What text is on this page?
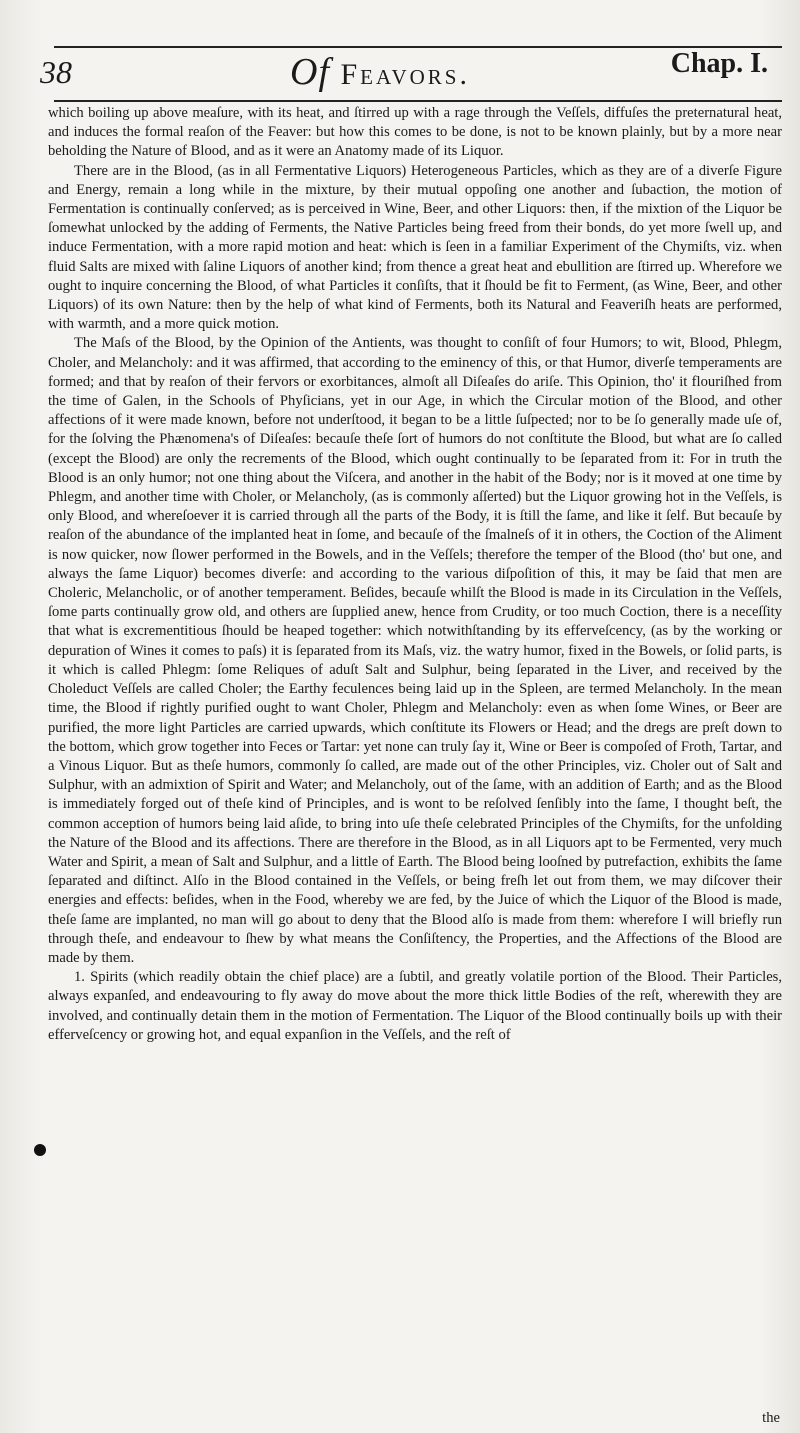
38	Of Feavors.	Chap. I.

which boiling up above meaſure, with its heat, and ſtirred up with a rage through the Veſſels, diffuſes the preternatural heat, and induces the formal reaſon of the Feaver: but how this comes to be done, is not to be known plainly, but by a more near beholding the Nature of Blood, and as it were an Anatomy made of its Liquor.

There are in the Blood, (as in all Fermentative Liquors) Heterogeneous Particles, which as they are of a diverſe Figure and Energy, remain a long while in the mixture, by their mutual oppoſing one another and ſubaction, the motion of Fermentation is continually conſerved; as is perceived in Wine, Beer, and other Liquors: then, if the mixtion of the Liquor be ſomewhat unlocked by the adding of Ferments, the Native Particles being freed from their bonds, do yet more ſwell up, and induce Fermentation, with a more rapid motion and heat: which is ſeen in a familiar Experiment of the Chymiſts, viz. when fluid Salts are mixed with ſaline Liquors of another kind; from thence a great heat and ebullition are ſtirred up. Wherefore we ought to inquire concerning the Blood, of what Particles it conſiſts, that it ſhould be fit to Ferment, (as Wine, Beer, and other Liquors) of its own Nature: then by the help of what kind of Ferments, both its Natural and Feaveriſh heats are performed, with warmth, and a more quick motion.

The Maſs of the Blood, by the Opinion of the Antients, was thought to conſiſt of four Humors; to wit, Blood, Phlegm, Choler, and Melancholy: and it was affirmed, that according to the eminency of this, or that Humor, diverſe temperaments are formed; and that by reaſon of their fervors or exorbitances, almoſt all Diſeaſes do ariſe. This Opinion, tho' it flouriſhed from the time of Galen, in the Schools of Phyſicians, yet in our Age, in which the Circular motion of the Blood, and other affections of it were made known, before not underſtood, it began to be a little ſuſpected; nor to be ſo generally made uſe of, for the ſolving the Phænomena's of Diſeaſes: becauſe theſe ſort of humors do not conſtitute the Blood, but what are ſo called (except the Blood) are only the recrements of the Blood, which ought continually to be ſeparated from it: For in truth the Blood is an only humor; not one thing about the Viſcera, and another in the habit of the Body; nor is it moved at one time by Phlegm, and another time with Choler, or Melancholy, (as is commonly aſſerted) but the Liquor growing hot in the Veſſels, is only Blood, and whereſoever it is carried through all the parts of the Body, it is ſtill the ſame, and like it ſelf. But becauſe by reaſon of the abundance of the implanted heat in ſome, and becauſe of the ſmalneſs of it in others, the Coction of the Aliment is now quicker, now ſlower performed in the Bowels, and in the Veſſels; therefore the temper of the Blood (tho' but one, and always the ſame Liquor) becomes diverſe: and according to the various diſpoſition of this, it may be ſaid that men are Choleric, Melancholic, or of another temperament. Beſides, becauſe whilſt the Blood is made in its Circulation in the Veſſels, ſome parts continually grow old, and others are ſupplied anew, hence from Crudity, or too much Coction, there is a neceſſity that what is excrementitious ſhould be heaped together: which notwithſtanding by its efferveſcency, (as by the working or depuration of Wines it comes to paſs) it is ſeparated from its Maſs, viz. the watry humor, fixed in the Bowels, or ſolid parts, is it which is called Phlegm: ſome Reliques of aduſt Salt and Sulphur, being ſeparated in the Liver, and received by the Choleduct Veſſels are called Choler; the Earthy feculences being laid up in the Spleen, are termed Melancholy. In the mean time, the Blood if rightly purified ought to want Choler, Phlegm and Melancholy: even as when ſome Wines, or Beer are purified, the more light Particles are carried upwards, which conſtitute its Flowers or Head; and the dregs are preſt down to the bottom, which grow together into Feces or Tartar: yet none can truly ſay it, Wine or Beer is compoſed of Froth, Tartar, and a Vinous Liquor. But as theſe humors, commonly ſo called, are made out of the other Principles, viz. Choler out of Salt and Sulphur, with an admixtion of Spirit and Water; and Melancholy, out of the ſame, with an addition of Earth; and as the Blood is immediately forged out of theſe kind of Principles, and is wont to be reſolved ſenſibly into the ſame, I thought beſt, the common acception of humors being laid aſide, to bring into uſe theſe celebrated Principles of the Chymiſts, for the unfolding the Nature of the Blood and its affections. There are therefore in the Blood, as in all Liquors apt to be Fermented, very much Water and Spirit, a mean of Salt and Sulphur, and a little of Earth. The Blood being looſned by putrefaction, exhibits the ſame ſeparated and diſtinct. Alſo in the Blood contained in the Veſſels, or being freſh let out from them, we may diſcover their energies and effects: beſides, when in the Food, whereby we are fed, by the Juice of which the Liquor of the Blood is made, theſe ſame are implanted, no man will go about to deny that the Blood alſo is made from them: wherefore I will briefly run through theſe, and endeavour to ſhew by what means the Conſiſtency, the Properties, and the Affections of the Blood are made by them.

1. Spirits (which readily obtain the chief place) are a ſubtil, and greatly volatile portion of the Blood. Their Particles, always expanſed, and endeavouring to fly away do move about the more thick little Bodies of the reſt, wherewith they are involved, and continually detain them in the motion of Fermentation. The Liquor of the Blood continually boils up with their efferveſcency or growing hot, and equal expanſion in the Veſſels, and the reſt of

the
